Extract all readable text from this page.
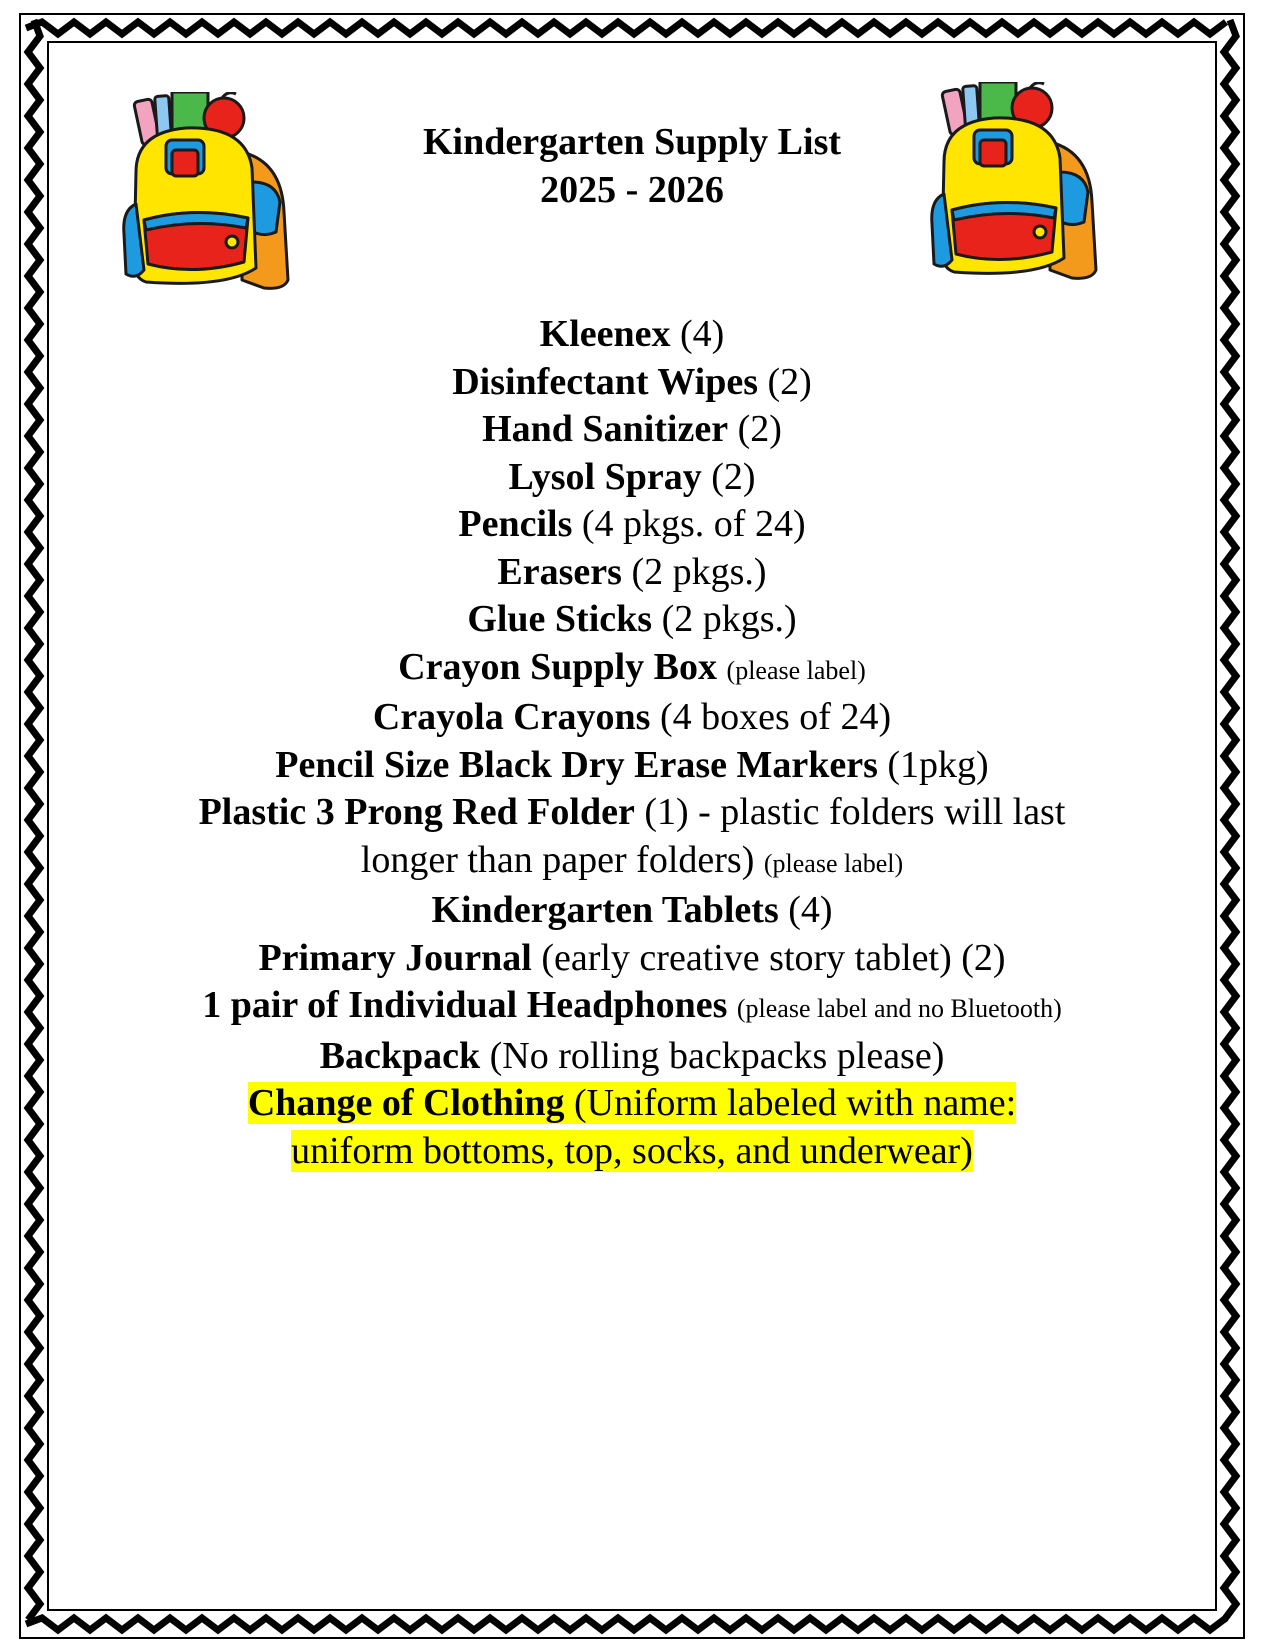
Kindergarten Supply List
2025 - 2026
Kleenex (4)
Disinfectant Wipes (2)
Hand Sanitizer (2)
Lysol Spray (2)
Pencils (4 pkgs. of 24)
Erasers (2 pkgs.)
Glue Sticks (2 pkgs.)
Crayon Supply Box (please label)
Crayola Crayons (4 boxes of 24)
Pencil Size Black Dry Erase Markers (1pkg)
Plastic 3 Prong Red Folder (1) - plastic folders will last
longer than paper folders) (please label)
Kindergarten Tablets (4)
Primary Journal (early creative story tablet) (2)
1 pair of Individual Headphones (please label and no Bluetooth)
Backpack (No rolling backpacks please)
Change of Clothing (Uniform labeled with name:
uniform bottoms, top, socks, and underwear)
